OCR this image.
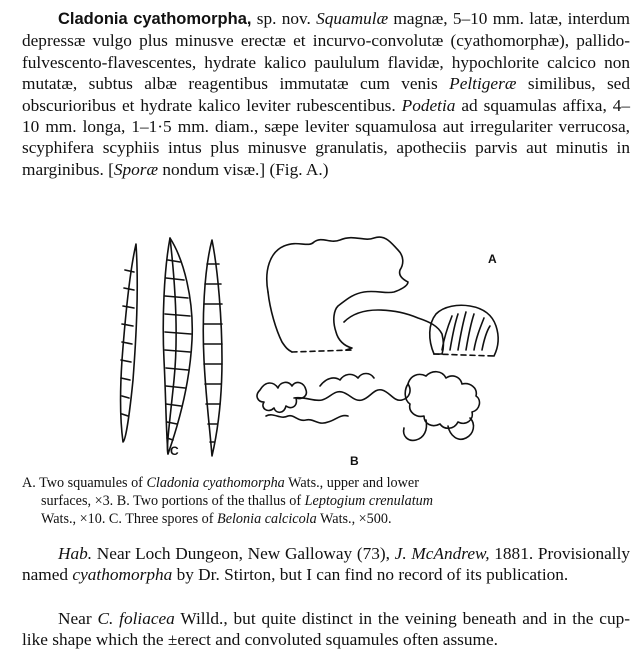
Cladonia cyathomorpha, sp. nov. Squamulæ magnæ, 5–10 mm. latæ, interdum depressæ vulgo plus minusve erectæ et incurvo-convolutæ (cyathomorphæ), pallido-fulvescento-flavescentes, hydrate kalico paululum flavidæ, hypochlorite calcico non mutatæ, subtus albæ reagentibus immutatæ cum venis Peltigeræ similibus, sed obscurioribus et hydrate kalico leviter rubescentibus. Podetia ad squamulas affixa, 4–10 mm. longa, 1–1·5 mm. diam., sæpe leviter squamulosa aut irregulariter verrucosa, scyphifera scyphiis intus plus minusve granulatis, apotheciis parvis aut minutis in marginibus. [Sporæ nondum visæ.] (Fig. A.)

A
B
C
A. Two squamules of Cladonia cyathomorpha Wats., upper and lower
surfaces, ×3. B. Two portions of the thallus of Leptogium crenulatum
Wats., ×10. C. Three spores of Belonia calcicola Wats., ×500.

Hab. Near Loch Dungeon, New Galloway (73), J. McAndrew, 1881. Provisionally named cyathomorpha by Dr. Stirton, but I can find no record of its publication.

Near C. foliacea Willd., but quite distinct in the veining beneath and in the cup-like shape which the ±erect and convoluted squamules often assume.
